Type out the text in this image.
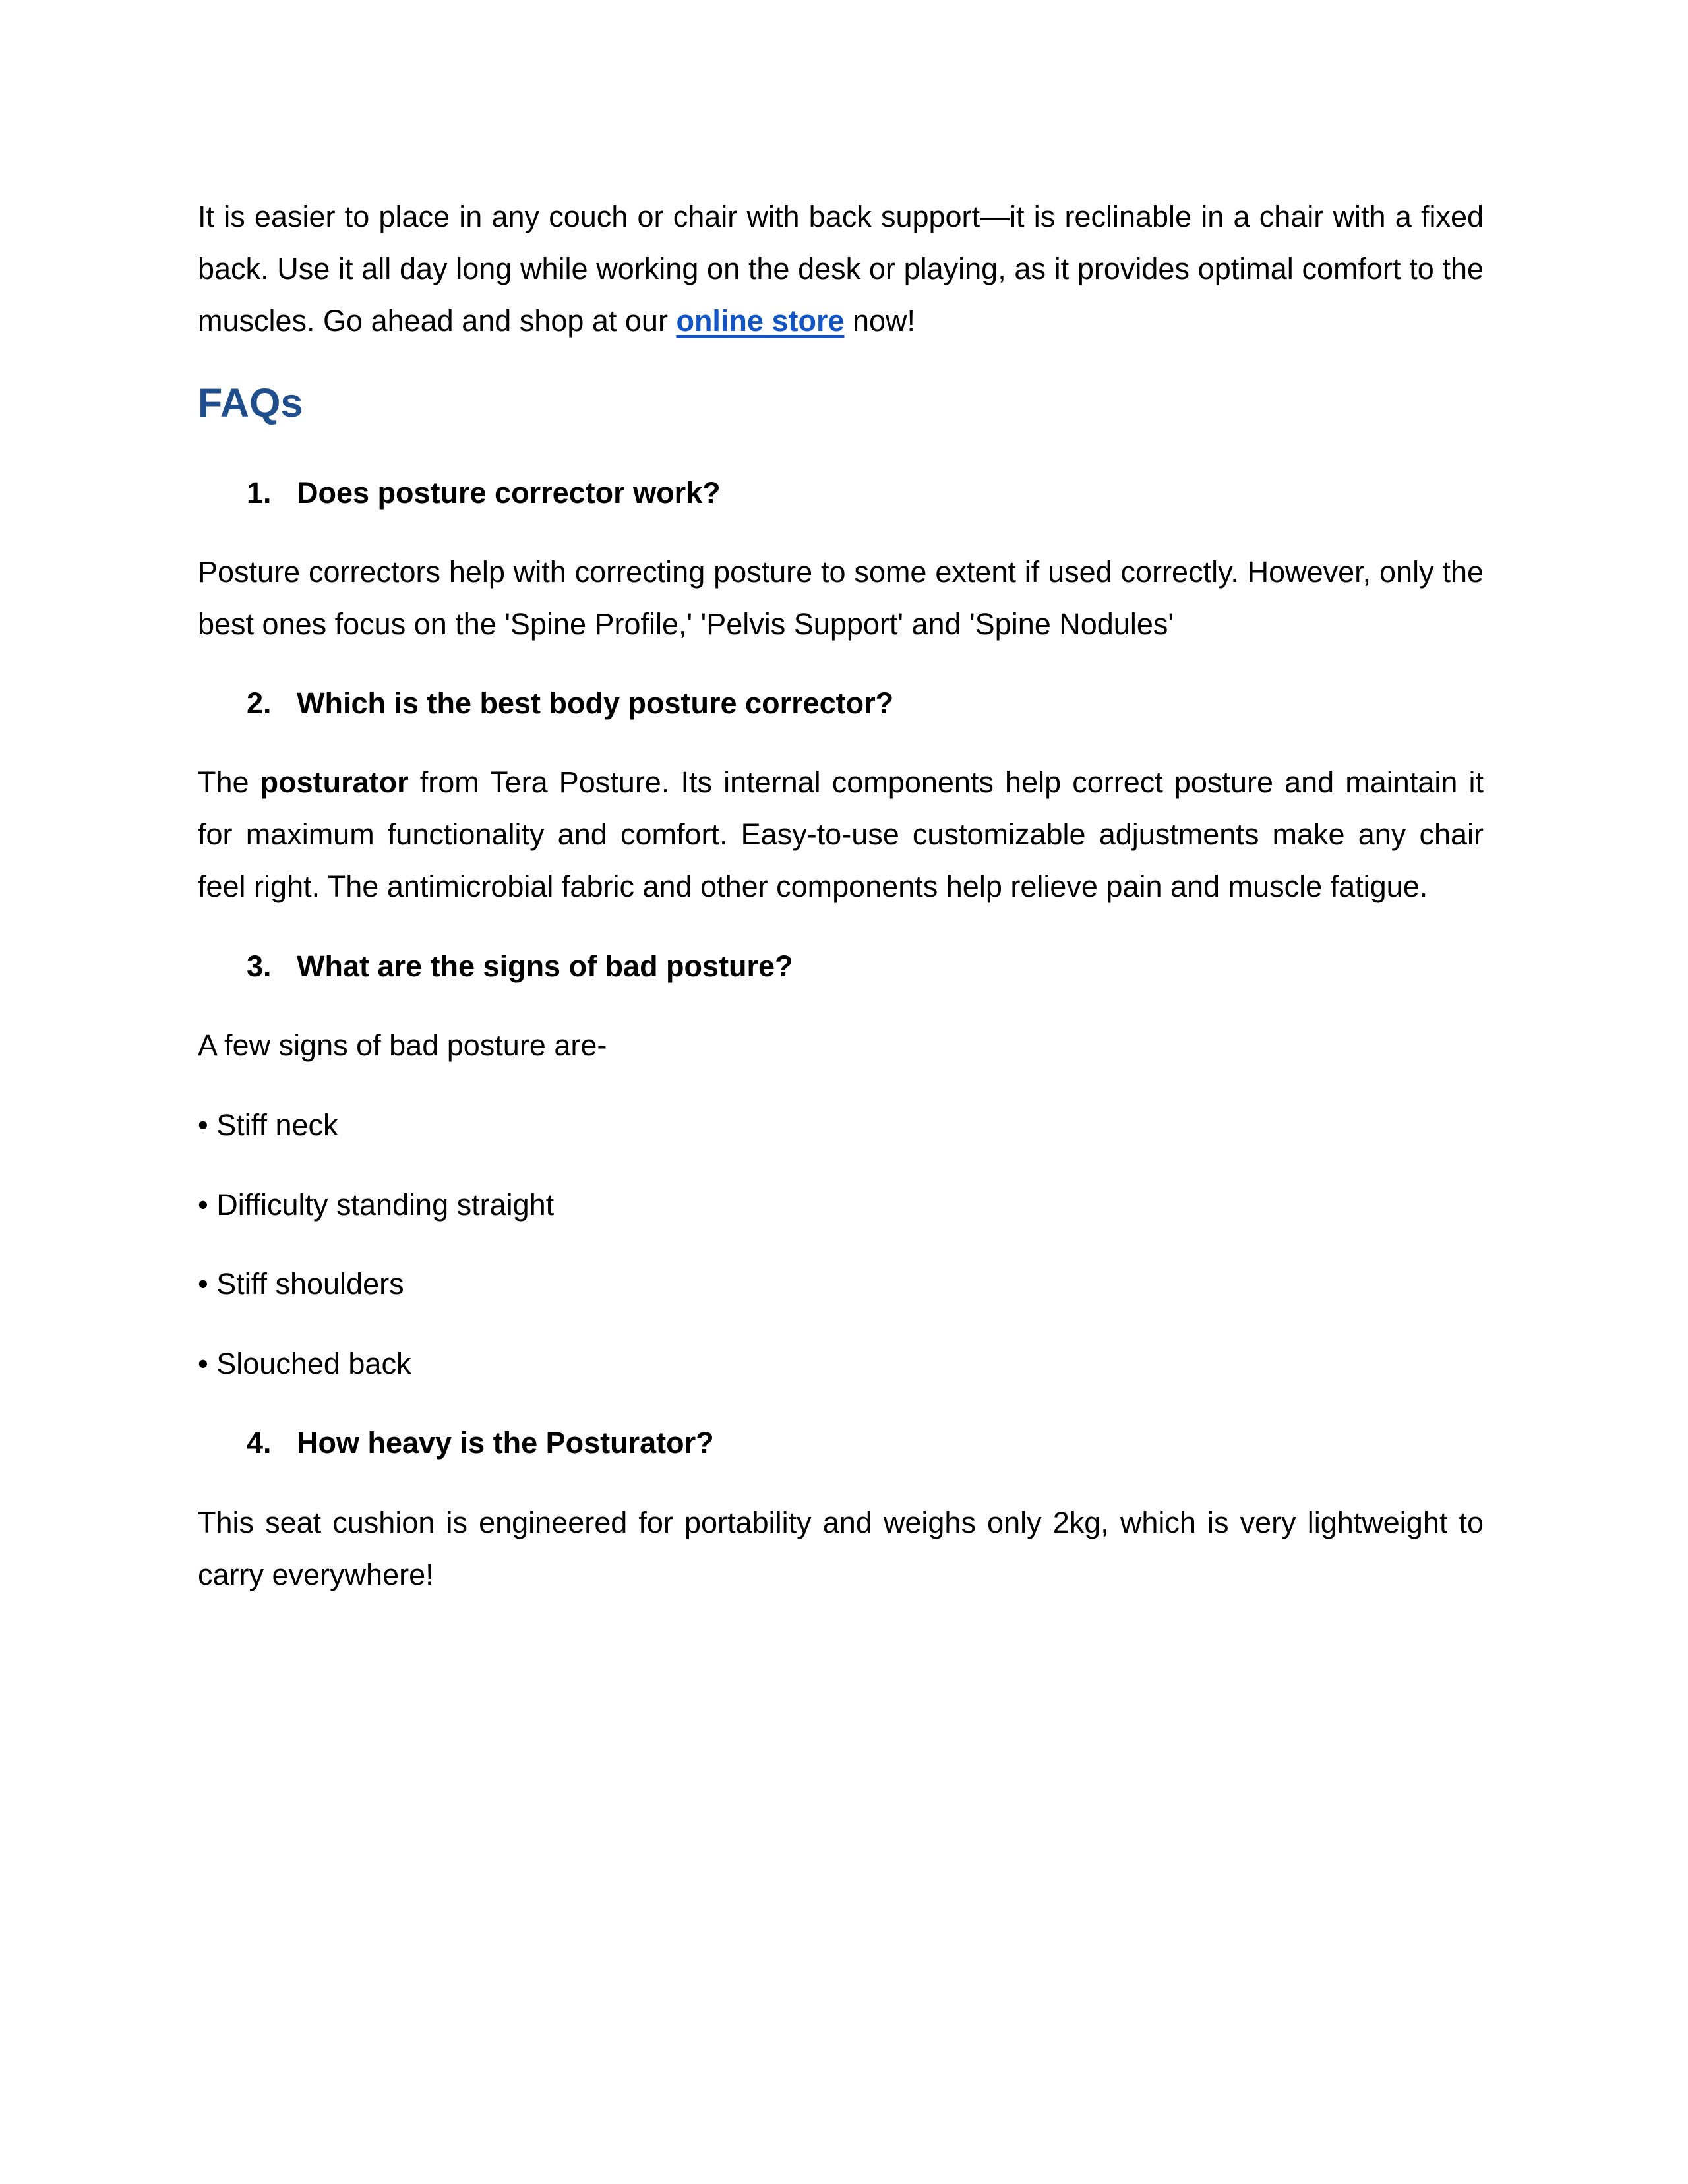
It is easier to place in any couch or chair with back support—it is reclinable in a chair with a fixed back. Use it all day long while working on the desk or playing, as it provides optimal comfort to the muscles. Go ahead and shop at our online store now!

FAQs

1. Does posture corrector work?

Posture correctors help with correcting posture to some extent if used correctly. However, only the best ones focus on the 'Spine Profile,' 'Pelvis Support' and 'Spine Nodules'

2. Which is the best body posture corrector?

The posturator from Tera Posture. Its internal components help correct posture and maintain it for maximum functionality and comfort. Easy-to-use customizable adjustments make any chair feel right. The antimicrobial fabric and other components help relieve pain and muscle fatigue.

3. What are the signs of bad posture?

A few signs of bad posture are-

• Stiff neck

• Difficulty standing straight

• Stiff shoulders

• Slouched back

4. How heavy is the Posturator?

This seat cushion is engineered for portability and weighs only 2kg, which is very lightweight to carry everywhere!
